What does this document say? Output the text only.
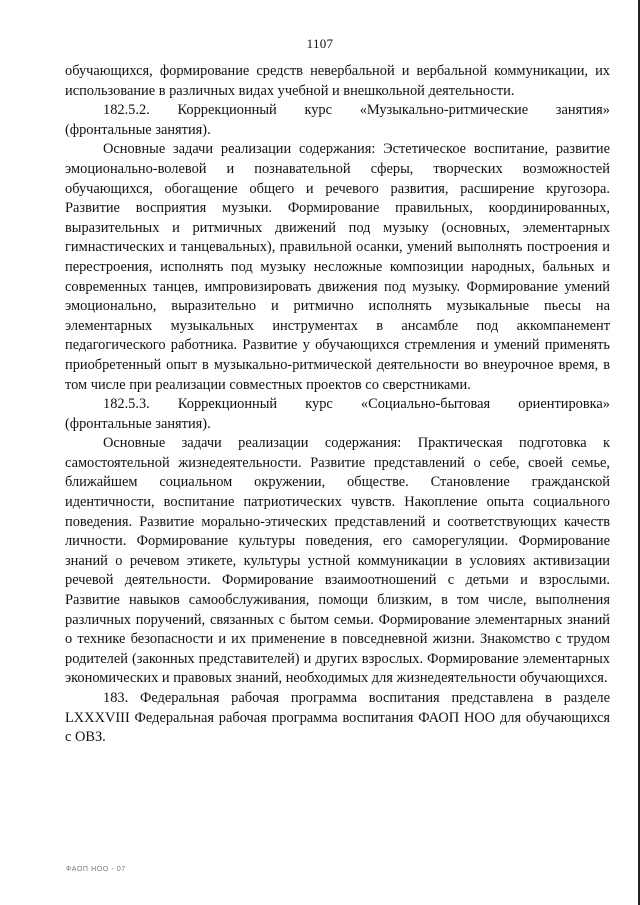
1107

обучающихся, формирование средств невербальной и вербальной коммуникации, их использование в различных видах учебной и внешкольной деятельности.

182.5.2. Коррекционный курс «Музыкально-ритмические занятия»

(фронтальные занятия).

Основные задачи реализации содержания: Эстетическое воспитание, развитие эмоционально-волевой и познавательной сферы, творческих возможностей обучающихся, обогащение общего и речевого развития, расширение кругозора. Развитие восприятия музыки. Формирование правильных, координированных, выразительных и ритмичных движений под музыку (основных, элементарных гимнастических и танцевальных), правильной осанки, умений выполнять построения и перестроения, исполнять под музыку несложные композиции народных, бальных и современных танцев, импровизировать движения под музыку. Формирование умений эмоционально, выразительно и ритмично исполнять музыкальные пьесы на элементарных музыкальных инструментах в ансамбле под аккомпанемент педагогического работника. Развитие у обучающихся стремления и умений применять приобретенный опыт в музыкально-ритмической деятельности во внеурочное время, в том числе при реализации совместных проектов со сверстниками.

182.5.3. Коррекционный курс «Социально-бытовая ориентировка»

(фронтальные занятия).

Основные задачи реализации содержания: Практическая подготовка к самостоятельной жизнедеятельности. Развитие представлений о себе, своей семье, ближайшем социальном окружении, обществе. Становление гражданской идентичности, воспитание патриотических чувств. Накопление опыта социального поведения. Развитие морально-этических представлений и соответствующих качеств личности. Формирование культуры поведения, его саморегуляции. Формирование знаний о речевом этикете, культуры устной коммуникации в условиях активизации речевой деятельности. Формирование взаимоотношений с детьми и взрослыми. Развитие навыков самообслуживания, помощи близким, в том числе, выполнения различных поручений, связанных с бытом семьи. Формирование элементарных знаний о технике безопасности и их применение в повседневной жизни. Знакомство с трудом родителей (законных представителей) и других взрослых. Формирование элементарных экономических и правовых знаний, необходимых для жизнедеятельности обучающихся.

183. Федеральная рабочая программа воспитания представлена в разделе LXXXVIII Федеральная рабочая программа воспитания ФАОП НОО для обучающихся с ОВЗ.

ФАОП НОО - 07
